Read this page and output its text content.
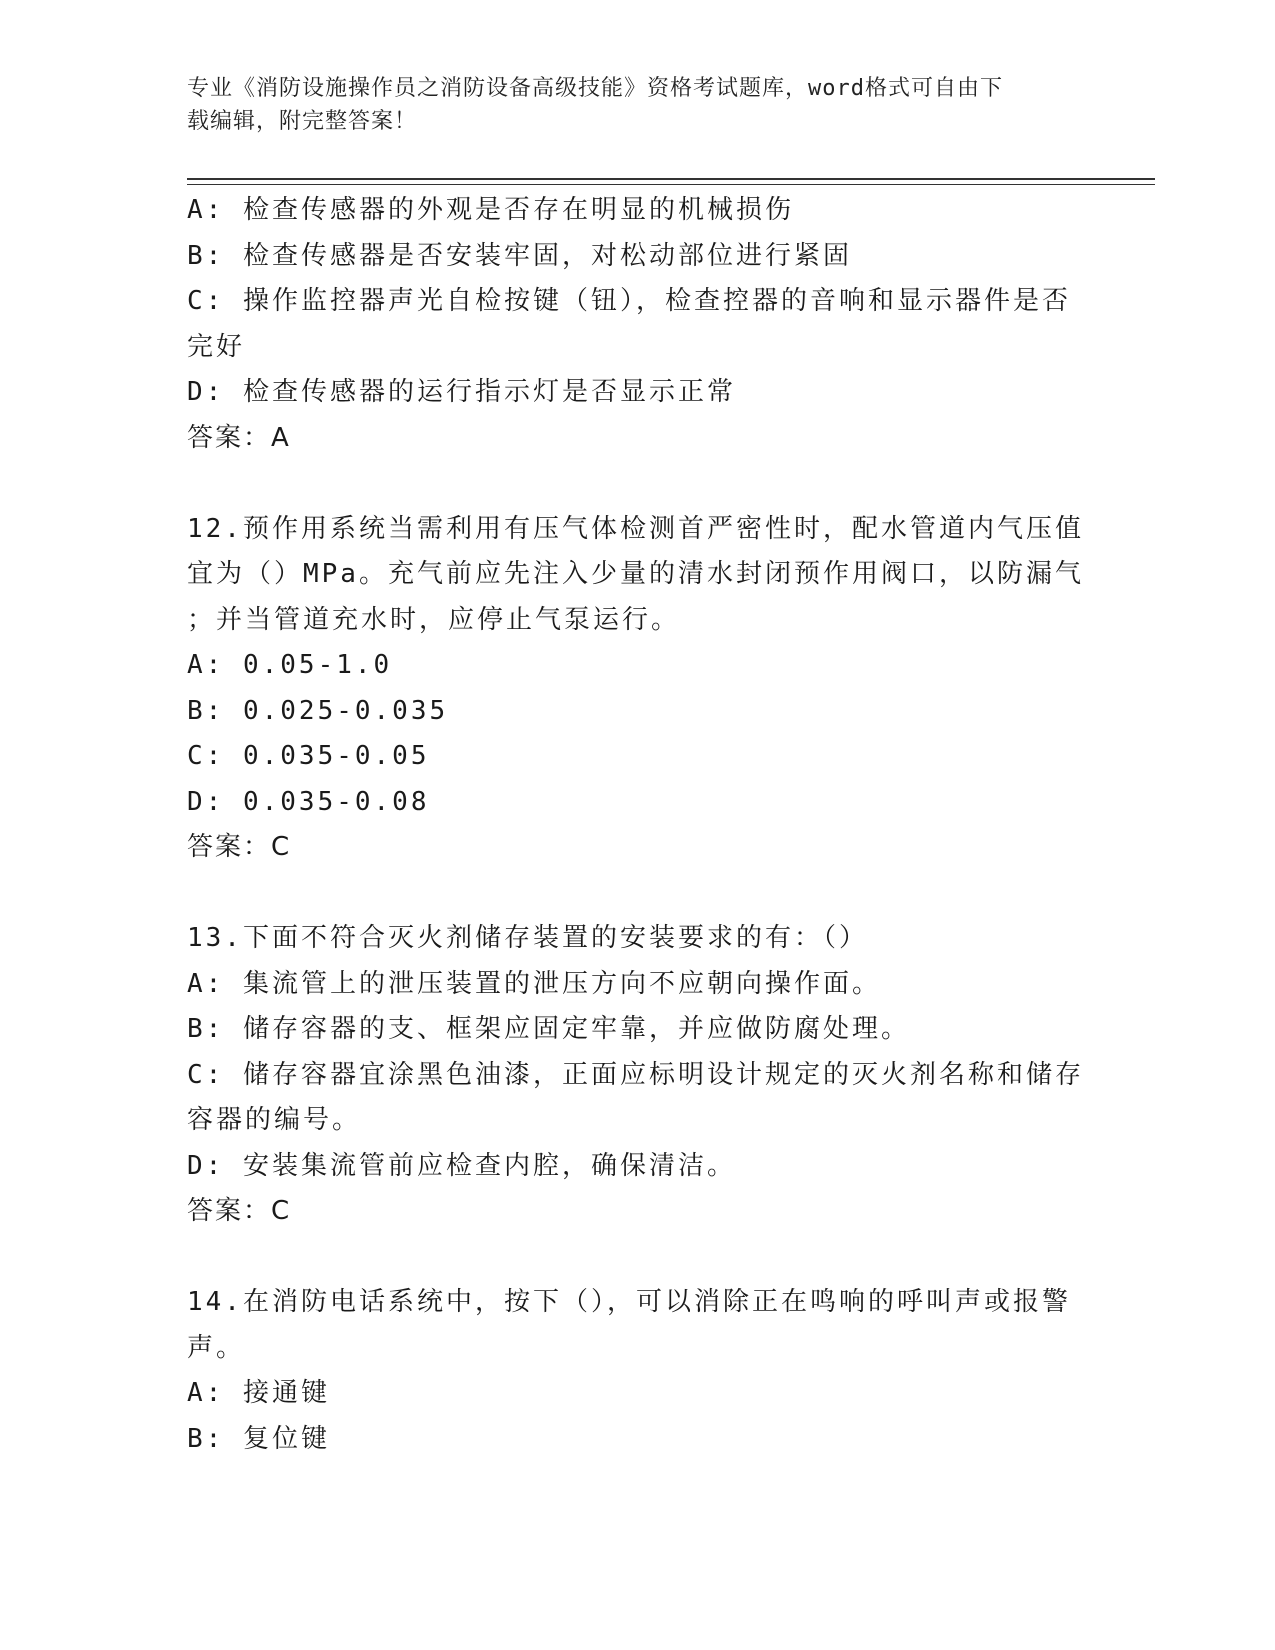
专业《消防设施操作员之消防设备高级技能》资格考试题库，word格式可自由下
载编辑，附完整答案！

A: 检查传感器的外观是否存在明显的机械损伤

B: 检查传感器是否安装牢固，对松动部位进行紧固

C: 操作监控器声光自检按键（钮），检查控器的音响和显示器件是否

完好

D: 检查传感器的运行指示灯是否显示正常

答案：A

12.预作用系统当需利用有压气体检测首严密性时，配水管道内气压值

宜为（）MPa。充气前应先注入少量的清水封闭预作用阀口，以防漏气

；并当管道充水时，应停止气泵运行。

A: 0.05-1.0

B: 0.025-0.035

C: 0.035-0.05

D: 0.035-0.08

答案：C

13.下面不符合灭火剂储存装置的安装要求的有：（）

A: 集流管上的泄压装置的泄压方向不应朝向操作面。

B: 储存容器的支、框架应固定牢靠，并应做防腐处理。

C: 储存容器宜涂黑色油漆，正面应标明设计规定的灭火剂名称和储存

容器的编号。

D: 安装集流管前应检查内腔，确保清洁。

答案：C

14.在消防电话系统中，按下（），可以消除正在鸣响的呼叫声或报警

声。

A: 接通键

B: 复位键
